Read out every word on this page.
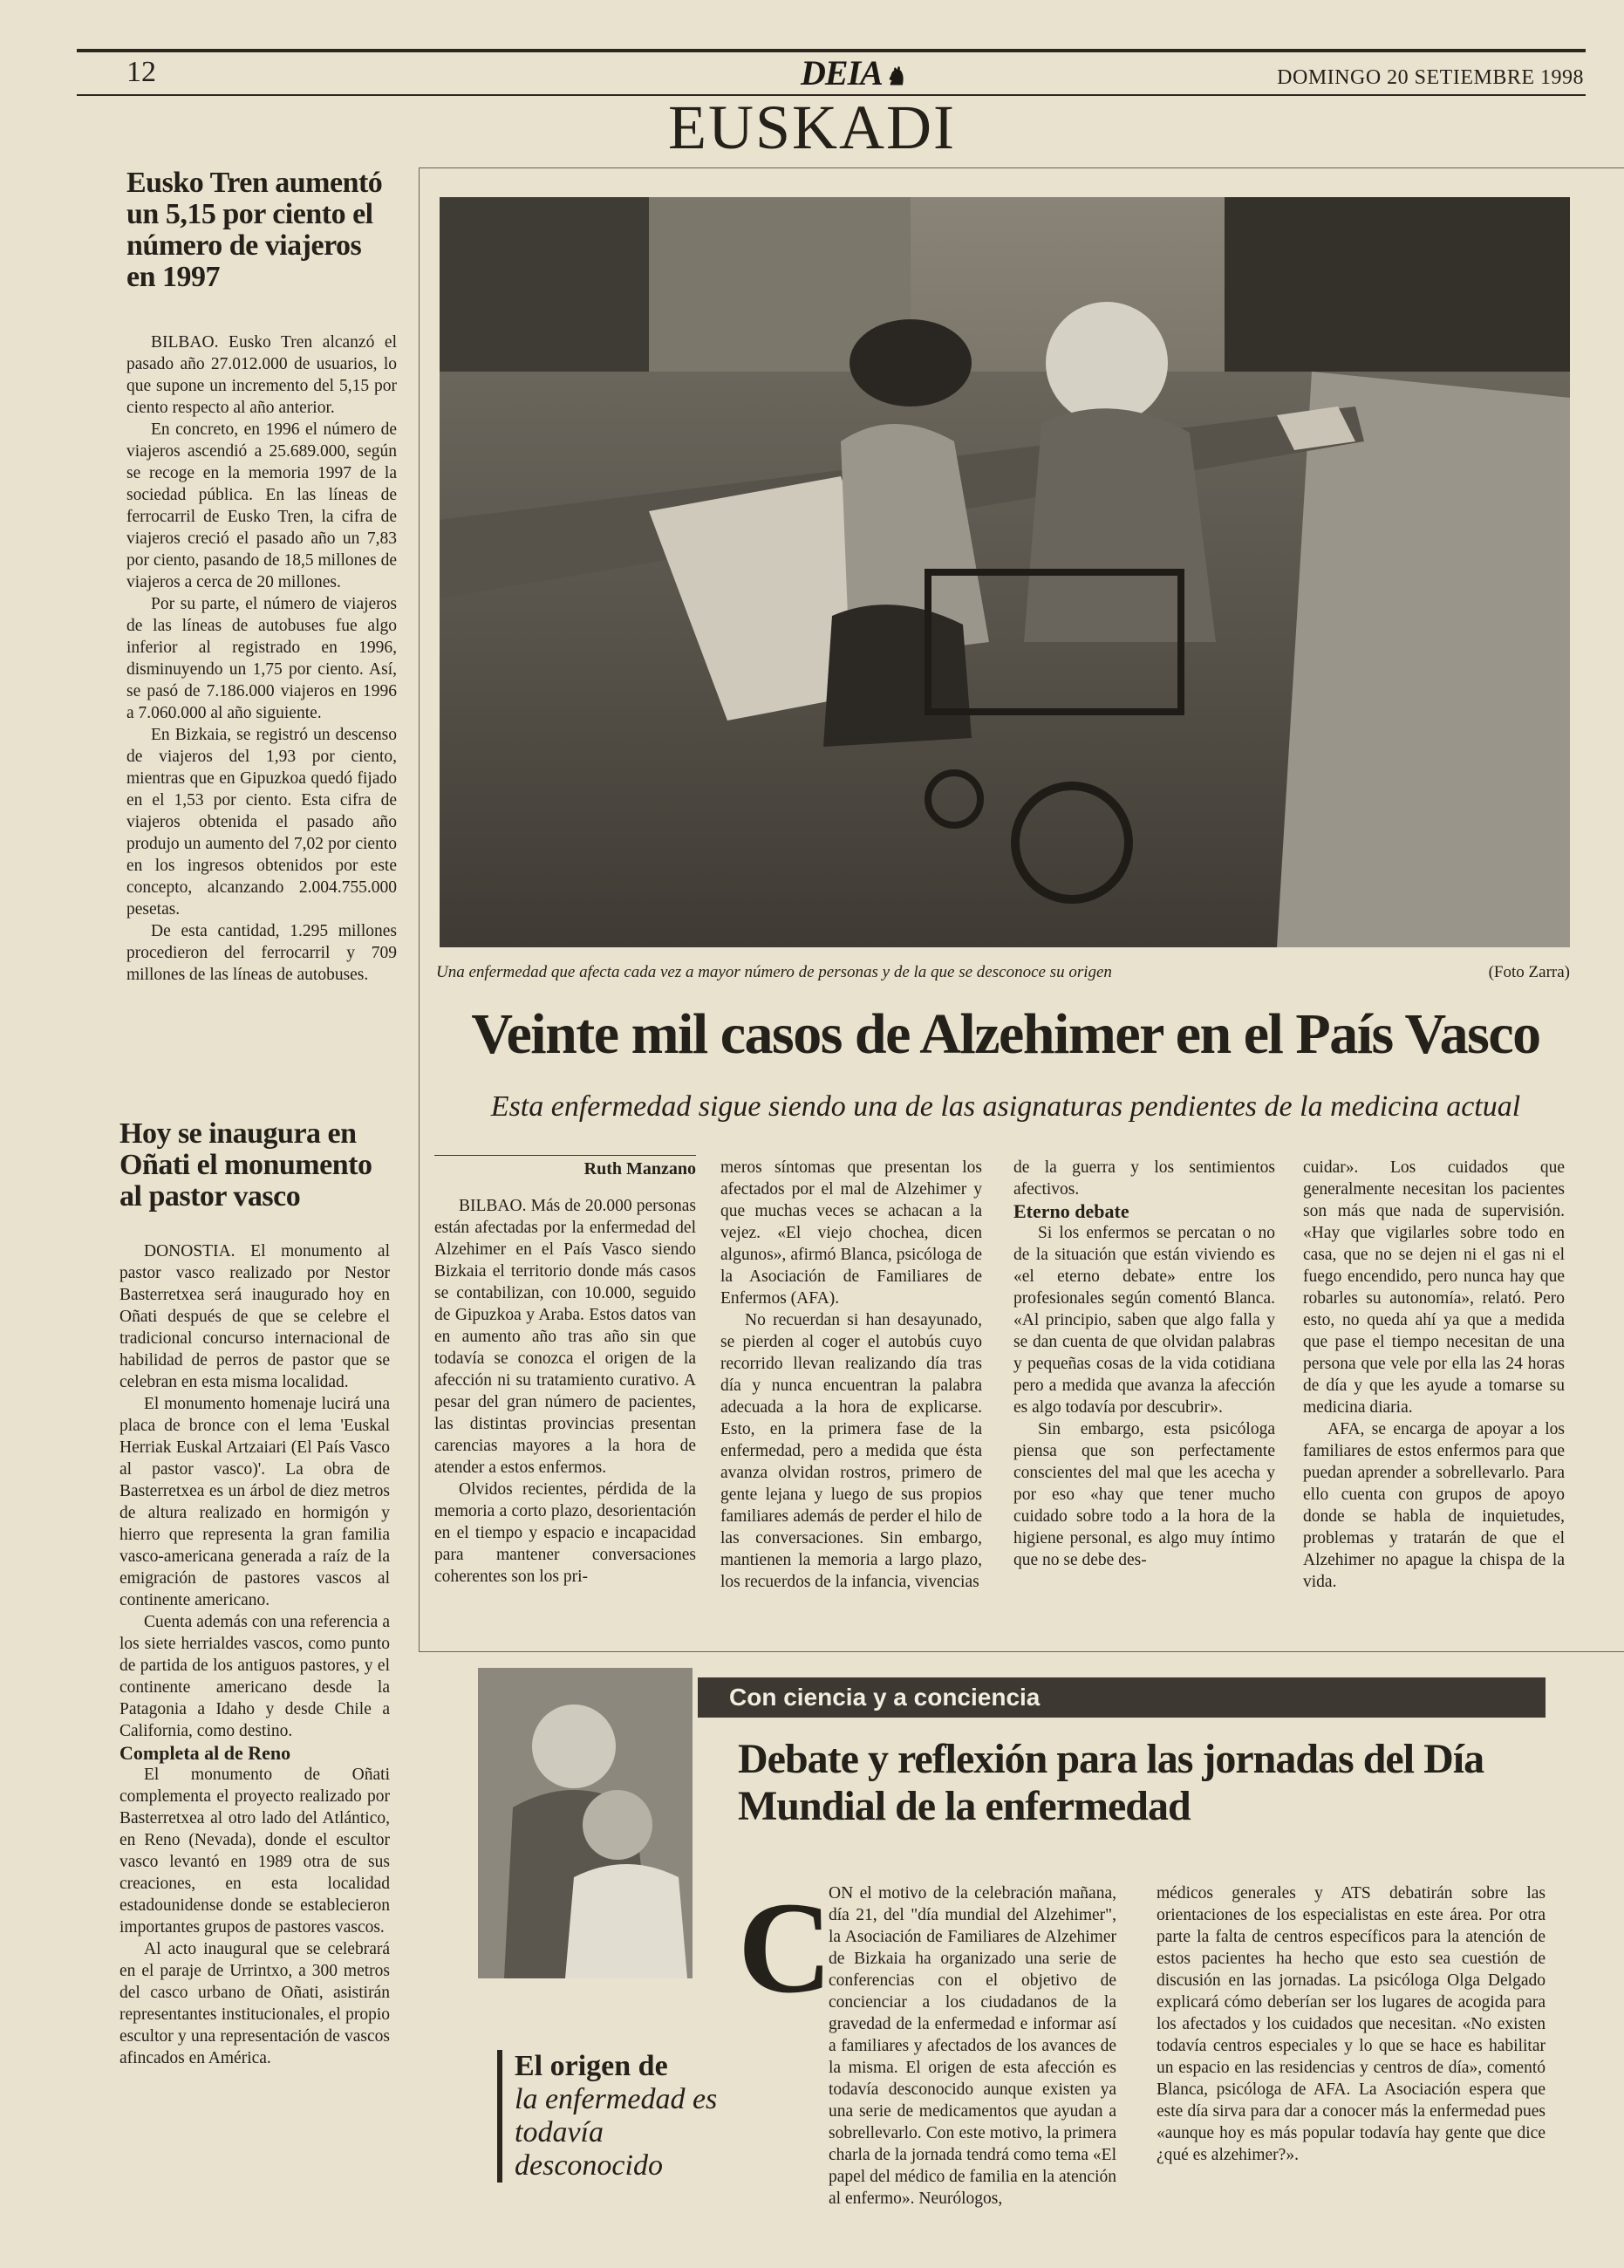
12	DEIA♞	DOMINGO 20 SETIEMBRE 1998
EUSKADI
Eusko Tren aumentó un 5,15 por ciento el número de viajeros en 1997

BILBAO. Eusko Tren alcanzó el pasado año 27.012.000 de usuarios, lo que supone un incremento del 5,15 por ciento respecto al año anterior.

En concreto, en 1996 el número de viajeros ascendió a 25.689.000, según se recoge en la memoria 1997 de la sociedad pública. En las líneas de ferrocarril de Eusko Tren, la cifra de viajeros creció el pasado año un 7,83 por ciento, pasando de 18,5 millones de viajeros a cerca de 20 millones.

Por su parte, el número de viajeros de las líneas de autobuses fue algo inferior al registrado en 1996, disminuyendo un 1,75 por ciento. Así, se pasó de 7.186.000 viajeros en 1996 a 7.060.000 al año siguiente.

En Bizkaia, se registró un descenso de viajeros del 1,93 por ciento, mientras que en Gipuzkoa quedó fijado en el 1,53 por ciento. Esta cifra de viajeros obtenida el pasado año produjo un aumento del 7,02 por ciento en los ingresos obtenidos por este concepto, alcanzando 2.004.755.000 pesetas.

De esta cantidad, 1.295 millones procedieron del ferrocarril y 709 millones de las líneas de autobuses.

Hoy se inaugura en Oñati el monumento al pastor vasco

DONOSTIA. El monumento al pastor vasco realizado por Nestor Basterretxea será inaugurado hoy en Oñati después de que se celebre el tradicional concurso internacional de habilidad de perros de pastor que se celebran en esta misma localidad.

El monumento homenaje lucirá una placa de bronce con el lema 'Euskal Herriak Euskal Artzaiari (El País Vasco al pastor vasco)'. La obra de Basterretxea es un árbol de diez metros de altura realizado en hormigón y hierro que representa la gran familia vasco-americana generada a raíz de la emigración de pastores vascos al continente americano.

Cuenta además con una referencia a los siete herrialdes vascos, como punto de partida de los antiguos pastores, y el continente americano desde la Patagonia a Idaho y desde Chile a California, como destino.

Completa al de Reno

El monumento de Oñati complementa el proyecto realizado por Basterretxea al otro lado del Atlántico, en Reno (Nevada), donde el escultor vasco levantó en 1989 otra de sus creaciones, en esta localidad estadounidense donde se establecieron importantes grupos de pastores vascos.

Al acto inaugural que se celebrará en el paraje de Urrintxo, a 300 metros del casco urbano de Oñati, asistirán representantes institucionales, el propio escultor y una representación de vascos afincados en América.

Una enfermedad que afecta cada vez a mayor número de personas y de la que se desconoce su origen	(Foto Zarra)
Veinte mil casos de Alzehimer en el País Vasco
Esta enfermedad sigue siendo una de las asignaturas pendientes de la medicina actual
Ruth Manzano

BILBAO. Más de 20.000 personas están afectadas por la enfermedad del Alzehimer en el País Vasco siendo Bizkaia el territorio donde más casos se contabilizan, con 10.000, seguido de Gipuzkoa y Araba. Estos datos van en aumento año tras año sin que todavía se conozca el origen de la afección ni su tratamiento curativo. A pesar del gran número de pacientes, las distintas provincias presentan carencias mayores a la hora de atender a estos enfermos.

Olvidos recientes, pérdida de la memoria a corto plazo, desorientación en el tiempo y espacio e incapacidad para mantener conversaciones coherentes son los pri-

meros síntomas que presentan los afectados por el mal de Alzehimer y que muchas veces se achacan a la vejez. «El viejo chochea, dicen algunos», afirmó Blanca, psicóloga de la Asociación de Familiares de Enfermos (AFA).

No recuerdan si han desayunado, se pierden al coger el autobús cuyo recorrido llevan realizando día tras día y nunca encuentran la palabra adecuada a la hora de explicarse. Esto, en la primera fase de la enfermedad, pero a medida que ésta avanza olvidan rostros, primero de gente lejana y luego de sus propios familiares además de perder el hilo de las conversaciones. Sin embargo, mantienen la memoria a largo plazo, los recuerdos de la infancia, vivencias

de la guerra y los sentimientos afectivos.

Eterno debate

Si los enfermos se percatan o no de la situación que están viviendo es «el eterno debate» entre los profesionales según comentó Blanca. «Al principio, saben que algo falla y se dan cuenta de que olvidan palabras y pequeñas cosas de la vida cotidiana pero a medida que avanza la afección es algo todavía por descubrir».

Sin embargo, esta psicóloga piensa que son perfectamente conscientes del mal que les acecha y por eso «hay que tener mucho cuidado sobre todo a la hora de la higiene personal, es algo muy íntimo que no se debe des-

cuidar». Los cuidados que generalmente necesitan los pacientes son más que nada de supervisión. «Hay que vigilarles sobre todo en casa, que no se dejen ni el gas ni el fuego encendido, pero nunca hay que robarles su autonomía», relató. Pero esto, no queda ahí ya que a medida que pase el tiempo necesitan de una persona que vele por ella las 24 horas de día y que les ayude a tomarse su medicina diaria.

AFA, se encarga de apoyar a los familiares de estos enfermos para que puedan aprender a sobrellevarlo. Para ello cuenta con grupos de apoyo donde se habla de inquietudes, problemas y tratarán de que el Alzehimer no apague la chispa de la vida.

Con ciencia y a conciencia
Debate y reflexión para las jornadas del Día Mundial de la enfermedad
C
ON el motivo de la celebración mañana, día 21, del "día mundial del Alzehimer", la Asociación de Familiares de Alzehimer de Bizkaia ha organizado una serie de conferencias con el objetivo de concienciar a los ciudadanos de la gravedad de la enfermedad e informar así a familiares y afectados de los avances de la misma. El origen de esta afección es todavía desconocido aunque existen ya una serie de medicamentos que ayudan a sobrellevarlo. Con este motivo, la primera charla de la jornada tendrá como tema «El papel del médico de familia en la atención al enfermo». Neurólogos,
médicos generales y ATS debatirán sobre las orientaciones de los especialistas en este área. Por otra parte la falta de centros específicos para la atención de estos pacientes ha hecho que esto sea cuestión de discusión en las jornadas. La psicóloga Olga Delgado explicará cómo deberían ser los lugares de acogida para los afectados y los cuidados que necesitan. «No existen todavía centros especiales y lo que se hace es habilitar un espacio en las residencias y centros de día», comentó Blanca, psicóloga de AFA. La Asociación espera que este día sirva para dar a conocer más la enfermedad pues «aunque hoy es más popular todavía hay gente que dice ¿qué es alzehimer?».
El origen de
la enfermedad es todavía desconocido
